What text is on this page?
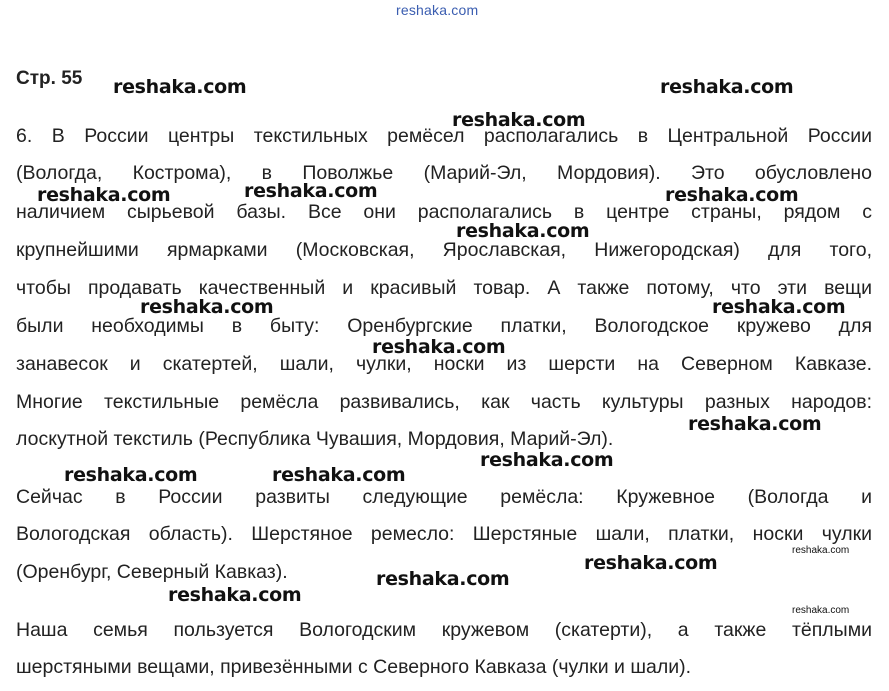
reshaka.com
Стр. 55
6. В России центры текстильных ремёсел располагались в Центральной России
(Вологда, Кострома), в Поволжье (Марий-Эл, Мордовия). Это обусловлено
наличием сырьевой базы. Все они располагались в центре страны, рядом с
крупнейшими ярмарками (Московская, Ярославская, Нижегородская) для того,
чтобы продавать качественный и красивый товар. А также потому, что эти вещи
были необходимы в быту: Оренбургские платки, Вологодское кружево для
занавесок и скатертей, шали, чулки, носки из шерсти на Северном Кавказе.
Многие текстильные ремёсла развивались, как часть культуры разных народов:
лоскутной текстиль (Республика Чувашия, Мордовия, Марий-Эл).
Сейчас в России развиты следующие ремёсла: Кружевное (Вологда и
Вологодская область). Шерстяное ремесло: Шерстяные шали, платки, носки чулки
(Оренбург, Северный Кавказ).
Наша семья пользуется Вологодским кружевом (скатерти), а также тёплыми
шерстяными вещами, привезёнными с Северного Кавказа (чулки и шали).
reshaka.com	reshaka.com
reshaka.com
reshaka.com	reshaka.com	reshaka.com
reshaka.com
reshaka.com	reshaka.com
reshaka.com
reshaka.com
reshaka.com
reshaka.com	reshaka.com
reshaka.com
reshaka.com
reshaka.com
reshaka.com
reshaka.com
